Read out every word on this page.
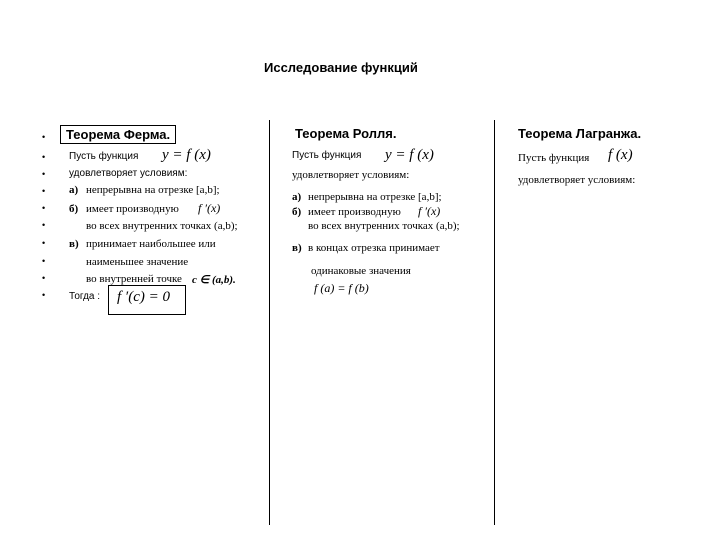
Исследование функций
•
•
•
•
•
•
•
•
•
•
Теорема Ферма.
Пусть функция y = f (x)
удовлетворяет условиям:
а) непрерывна на отрезке [a,b];
б) имеет производную f ′(x)
во всех внутренних точках (a,b);
в) принимает наибольшее или
наименьшее значение
во внутренней точке c ∈ (a,b).
Тогда : f ′(c) = 0
Теорема Ролля.
Пусть функция y = f (x)
удовлетворяет условиям:
а) непрерывна на отрезке [a,b];
б) имеет производную f ′(x)
во всех внутренних точках (a,b);
в) в концах отрезка принимает
одинаковые значения
f (a) = f (b)
Теорема Лагранжа.
Пусть функция f (x)
удовлетворяет условиям:
